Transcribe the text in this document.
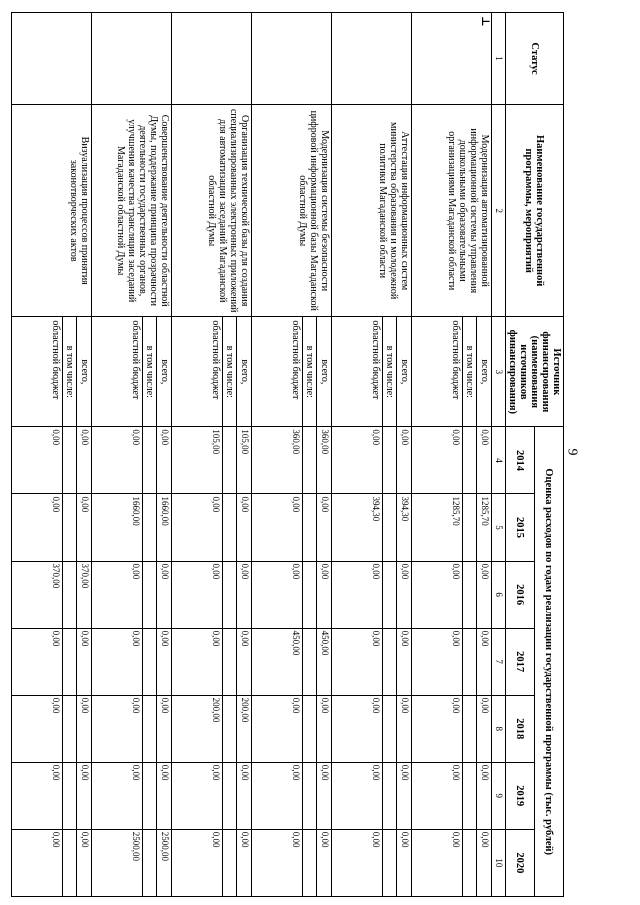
9
Статус	Наименование государственной программы, мероприятий	Источник финансирования (наименования источников финансирования)	Оценка расходов по годам реализации государственной программы (тыс. рублей)						
			2014	2015	2016	2017	2018	2019	2020
1	2	3	4	5	6	7	8	9	10
⊥	Модернизация автоматизированной информационной системы управления дошкольными образовательными организациями Магаданской области	всего,	0,00	1285,70	0,00	0,00	0,00	0,00	0,00
		в том числе:							
		областной бюджет	0,00	1285,70	0,00	0,00	0,00	0,00	0,00
	Аттестация информационных систем министерства образования и молодежной политики Магаданской области	всего,	0,00	394,30	0,00	0,00	0,00	0,00	0,00
		в том числе:							
		областной бюджет	0,00	394,30	0,00	0,00	0,00	0,00	0,00
	Модернизация системы безопасности цифровой информационной базы Магаданской областной Думы	всего,	360,00	0,00	0,00	450,00	0,00	0,00	0,00
		в том числе:							
		областной бюджет	360,00	0,00	0,00	450,00	0,00	0,00	0,00
	Организация технической базы для создания специализированных электронных приложений для автоматизации заседаний Магаданской областной Думы	всего,	105,00	0,00	0,00	0,00	200,00	0,00	0,00
		в том числе:							
		областной бюджет	105,00	0,00	0,00	0,00	200,00	0,00	0,00
	Совершенствование деятельности областной Думы, поддержание принципа прозрачности деятельности государственных органов, улучшения качества трансляции заседаний Магаданской областной Думы	всего,	0,00	1660,00	0,00	0,00	0,00	0,00	2500,00
		в том числе:							
		областной бюджет	0,00	1660,00	0,00	0,00	0,00	0,00	2500,00
	Визуализация процессов принятия законотворческих актов	всего,	0,00	0,00	370,00	0,00	0,00	0,00	0,00
		в том числе:							
		областной бюджет	0,00	0,00	370,00	0,00	0,00	0,00	0,00
